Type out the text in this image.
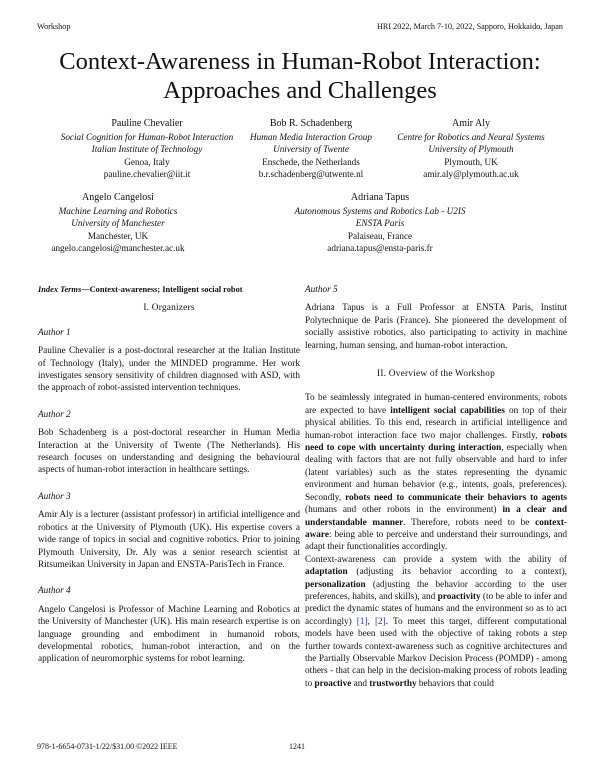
Workshop	HRI 2022, March 7-10, 2022, Sapporo, Hokkaido, Japan
Context-Awareness in Human-Robot Interaction:
Approaches and Challenges
Pauline Chevalier
Social Cognition for Human-Robot Interaction
Italian Institute of Technology
Genoa, Italy
pauline.chevalier@iit.it
Bob R. Schadenberg
Human Media Interaction Group
University of Twente
Enschede, the Netherlands
b.r.schadenberg@utwente.nl
Amir Aly
Centre for Robotics and Neural Systems
University of Plymouth
Plymouth, UK
amir.aly@plymouth.ac.uk
Angelo Cangelosi
Machine Learning and Robotics
University of Manchester
Manchester, UK
angelo.cangelosi@manchester.ac.uk
Adriana Tapus
Autonomous Systems and Robotics Lab - U2IS
ENSTA Paris
Palaiseau, France
adriana.tapus@ensta-paris.fr

Index Terms—Context-awareness; Intelligent social robot

I. Organizers
Author 1

Pauline Chevalier is a post-doctoral researcher at the Italian Institute of Technology (Italy), under the MINDED programme. Her work investigates sensory sensitivity of children diagnosed with ASD, with the approach of robot-assisted intervention techniques.

Author 2

Bob Schadenberg is a post-doctoral researcher in Human Media Interaction at the University of Twente (The Netherlands). His research focuses on understanding and designing the behavioural aspects of human-robot interaction in healthcare settings.

Author 3

Amir Aly is a lecturer (assistant professor) in artificial intelligence and robotics at the University of Plymouth (UK). His expertise covers a wide range of topics in social and cognitive robotics. Prior to joining Plymouth University, Dr. Aly was a senior research scientist at Ritsumeikan University in Japan and ENSTA-ParisTech in France.

Author 4

Angelo Cangelosi is Professor of Machine Learning and Robotics at the University of Manchester (UK). His main research expertise is on language grounding and embodiment in humanoid robots, developmental robotics, human-robot interaction, and on the application of neuromorphic systems for robot learning.

Author 5

Adriana Tapus is a Full Professor at ENSTA Paris, Institut Polytechnique de Paris (France). She pioneered the development of socially assistive robotics, also participating to activity in machine learning, human sensing, and human-robot interaction.

II. Overview of the Workshop

To be seamlessly integrated in human-centered environments, robots are expected to have intelligent social capabilities on top of their physical abilities. To this end, research in artificial intelligence and human-robot interaction face two major challenges. Firstly, robots need to cope with uncertainty during interaction, especially when dealing with factors that are not fully observable and hard to infer (latent variables) such as the states representing the dynamic environment and human behavior (e.g., intents, goals, preferences). Secondly, robots need to communicate their behaviors to agents (humans and other robots in the environment) in a clear and understandable manner. Therefore, robots need to be context-aware: being able to perceive and understand their surroundings, and adapt their functionalities accordingly.

Context-awareness can provide a system with the ability of adaptation (adjusting its behavior according to a context), personalization (adjusting the behavior according to the user preferences, habits, and skills), and proactivity (to be able to infer and predict the dynamic states of humans and the environment so as to act accordingly) [1], [2]. To meet this target, different computational models have been used with the objective of taking robots a step further towards context-awareness such as cognitive architectures and the Partially Observable Markov Decision Process (POMDP) - among others - that can help in the decision-making process of robots leading to proactive and trustworthy behaviors that could

978-1-6654-0731-1/22/$31.00 ©2022 IEEE	1241
